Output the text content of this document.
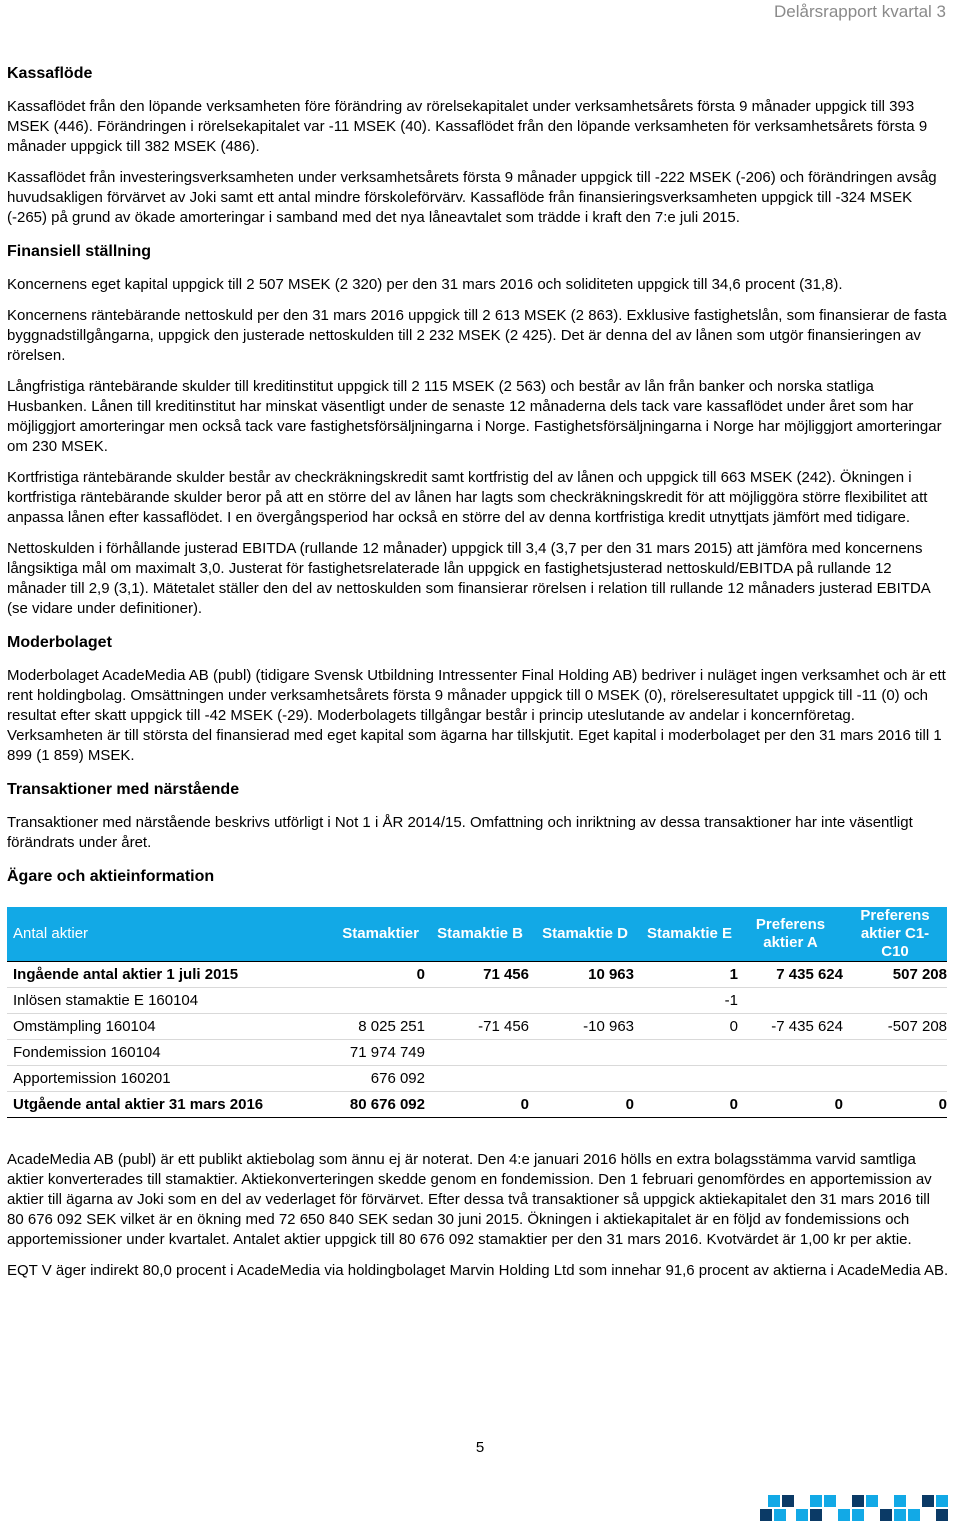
Delårsrapport kvartal 3
Kassaflöde

Kassaflödet från den löpande verksamheten före förändring av rörelsekapitalet under verksamhetsårets första 9 månader uppgick till 393 MSEK (446). Förändringen i rörelsekapitalet var -11 MSEK (40). Kassaflödet från den löpande verksamheten för verksamhetsårets första 9 månader uppgick till 382 MSEK (486).

Kassaflödet från investeringsverksamheten under verksamhetsårets första 9 månader uppgick till -222 MSEK (-206) och förändringen avsåg huvudsakligen förvärvet av Joki samt ett antal mindre förskoleförvärv. Kassaflöde från finansieringsverksamheten uppgick till -324 MSEK (-265) på grund av ökade amorteringar i samband med det nya låneavtalet som trädde i kraft den 7:e juli 2015.

Finansiell ställning

Koncernens eget kapital uppgick till 2 507 MSEK (2 320) per den 31 mars 2016 och soliditeten uppgick till 34,6 procent (31,8).

Koncernens räntebärande nettoskuld per den 31 mars 2016 uppgick till 2 613 MSEK (2 863). Exklusive fastighetslån, som finansierar de fasta byggnadstillgångarna, uppgick den justerade nettoskulden till 2 232 MSEK (2 425). Det är denna del av lånen som utgör finansieringen av rörelsen.

Långfristiga räntebärande skulder till kreditinstitut uppgick till 2 115 MSEK (2 563) och består av lån från banker och norska statliga Husbanken. Lånen till kreditinstitut har minskat väsentligt under de senaste 12 månaderna dels tack vare kassaflödet under året som har möjliggjort amorteringar men också tack vare fastighetsförsäljningarna i Norge. Fastighetsförsäljningarna i Norge har möjliggjort amorteringar om 230 MSEK.

Kortfristiga räntebärande skulder består av checkräkningskredit samt kortfristig del av lånen och uppgick till 663 MSEK (242). Ökningen i kortfristiga räntebärande skulder beror på att en större del av lånen har lagts som checkräkningskredit för att möjliggöra större flexibilitet att anpassa lånen efter kassaflödet. I en övergångsperiod har också en större del av denna kortfristiga kredit utnyttjats jämfört med tidigare.

Nettoskulden i förhållande justerad EBITDA (rullande 12 månader) uppgick till 3,4 (3,7 per den 31 mars 2015) att jämföra med koncernens långsiktiga mål om maximalt 3,0. Justerat för fastighetsrelaterade lån uppgick en fastighetsjusterad nettoskuld/EBITDA på rullande 12 månader till 2,9 (3,1). Mätetalet ställer den del av nettoskulden som finansierar rörelsen i relation till rullande 12 månaders justerad EBITDA (se vidare under definitioner).

Moderbolaget

Moderbolaget AcadeMedia AB (publ) (tidigare Svensk Utbildning Intressenter Final Holding AB) bedriver i nuläget ingen verksamhet och är ett rent holdingbolag. Omsättningen under verksamhetsårets första 9 månader uppgick till 0 MSEK (0), rörelseresultatet uppgick till -11 (0) och resultat efter skatt uppgick till -42 MSEK (-29). Moderbolagets tillgångar består i princip uteslutande av andelar i koncernföretag. Verksamheten är till största del finansierad med eget kapital som ägarna har tillskjutit. Eget kapital i moderbolaget per den 31 mars 2016 till 1 899 (1 859) MSEK.

Transaktioner med närstående

Transaktioner med närstående beskrivs utförligt i Not 1 i ÅR 2014/15. Omfattning och inriktning av dessa transaktioner har inte väsentligt förändrats under året.

Ägare och aktieinformation
Antal aktier	Stamaktier	Stamaktie B	Stamaktie D	Stamaktie E	Preferens aktier A	Preferens aktier C1-C10
Ingående antal aktier 1 juli 2015	0	71 456	10 963	1	7 435 624	507 208
Inlösen stamaktie E 160104				-1		
Omstämpling 160104	8 025 251	-71 456	-10 963	0	-7 435 624	-507 208
Fondemission 160104	71 974 749					
Apportemission 160201	676 092					
Utgående antal aktier 31 mars 2016	80 676 092	0	0	0	0	0

AcadeMedia AB (publ) är ett publikt aktiebolag som ännu ej är noterat. Den 4:e januari 2016 hölls en extra bolagsstämma varvid samtliga aktier konverterades till stamaktier. Aktiekonverteringen skedde genom en fondemission. Den 1 februari genomfördes en apportemission av aktier till ägarna av Joki som en del av vederlaget för förvärvet. Efter dessa två transaktioner så uppgick aktiekapitalet den 31 mars 2016 till 80 676 092 SEK vilket är en ökning med 72 650 840 SEK sedan 30 juni 2015. Ökningen i aktiekapitalet är en följd av fondemissions och apportemissioner under kvartalet. Antalet aktier uppgick till 80 676 092 stamaktier per den 31 mars 2016. Kvotvärdet är 1,00 kr per aktie.

EQT V äger indirekt 80,0 procent i AcadeMedia via holdingbolaget Marvin Holding Ltd som innehar 91,6 procent av aktierna i AcadeMedia AB.

5
